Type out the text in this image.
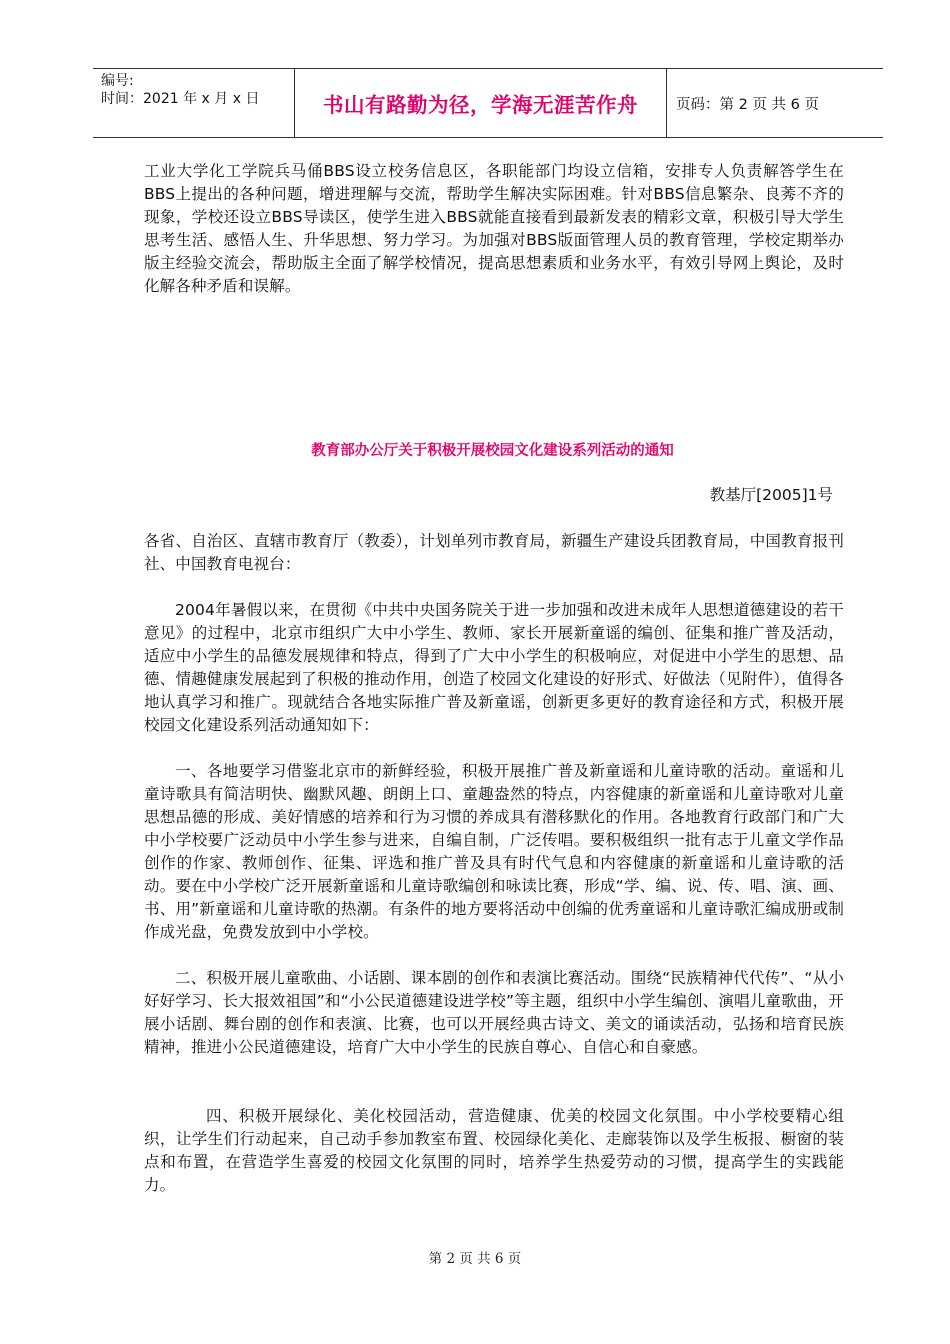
编号:
时间：2021 年 x 月 x 日	书山有路勤为径，学海无涯苦作舟	页码：第 2 页 共 6 页

工业大学化工学院兵马俑BBS设立校务信息区，各职能部门均设立信箱，安排专人负责解答学生在BBS上提出的各种问题，增进理解与交流，帮助学生解决实际困难。针对BBS信息繁杂、良莠不齐的现象，学校还设立BBS导读区，使学生进入BBS就能直接看到最新发表的精彩文章，积极引导大学生思考生活、感悟人生、升华思想、努力学习。为加强对BBS版面管理人员的教育管理，学校定期举办版主经验交流会，帮助版主全面了解学校情况，提高思想素质和业务水平，有效引导网上舆论，及时化解各种矛盾和误解。

教育部办公厅关于积极开展校园文化建设系列活动的通知

教基厅[2005]1号

各省、自治区、直辖市教育厅（教委），计划单列市教育局，新疆生产建设兵团教育局，中国教育报刊社、中国教育电视台：

2004年暑假以来，在贯彻《中共中央国务院关于进一步加强和改进未成年人思想道德建设的若干意见》的过程中，北京市组织广大中小学生、教师、家长开展新童谣的编创、征集和推广普及活动，适应中小学生的品德发展规律和特点，得到了广大中小学生的积极响应，对促进中小学生的思想、品德、情趣健康发展起到了积极的推动作用，创造了校园文化建设的好形式、好做法（见附件），值得各地认真学习和推广。现就结合各地实际推广普及新童谣，创新更多更好的教育途径和方式，积极开展校园文化建设系列活动通知如下：

一、各地要学习借鉴北京市的新鲜经验，积极开展推广普及新童谣和儿童诗歌的活动。童谣和儿童诗歌具有简洁明快、幽默风趣、朗朗上口、童趣盎然的特点，内容健康的新童谣和儿童诗歌对儿童思想品德的形成、美好情感的培养和行为习惯的养成具有潜移默化的作用。各地教育行政部门和广大中小学校要广泛动员中小学生参与进来，自编自制，广泛传唱。要积极组织一批有志于儿童文学作品创作的作家、教师创作、征集、评选和推广普及具有时代气息和内容健康的新童谣和儿童诗歌的活动。要在中小学校广泛开展新童谣和儿童诗歌编创和咏读比赛，形成“学、编、说、传、唱、演、画、书、用”新童谣和儿童诗歌的热潮。有条件的地方要将活动中创编的优秀童谣和儿童诗歌汇编成册或制作成光盘，免费发放到中小学校。

二、积极开展儿童歌曲、小话剧、课本剧的创作和表演比赛活动。围绕“民族精神代代传”、“从小好好学习、长大报效祖国”和“小公民道德建设进学校”等主题，组织中小学生编创、演唱儿童歌曲，开展小话剧、舞台剧的创作和表演、比赛，也可以开展经典古诗文、美文的诵读活动，弘扬和培育民族精神，推进小公民道德建设，培育广大中小学生的民族自尊心、自信心和自豪感。

四、积极开展绿化、美化校园活动，营造健康、优美的校园文化氛围。中小学校要精心组织，让学生们行动起来，自己动手参加教室布置、校园绿化美化、走廊装饰以及学生板报、橱窗的装点和布置，在营造学生喜爱的校园文化氛围的同时，培养学生热爱劳动的习惯，提高学生的实践能力。

第 2 页 共 6 页
